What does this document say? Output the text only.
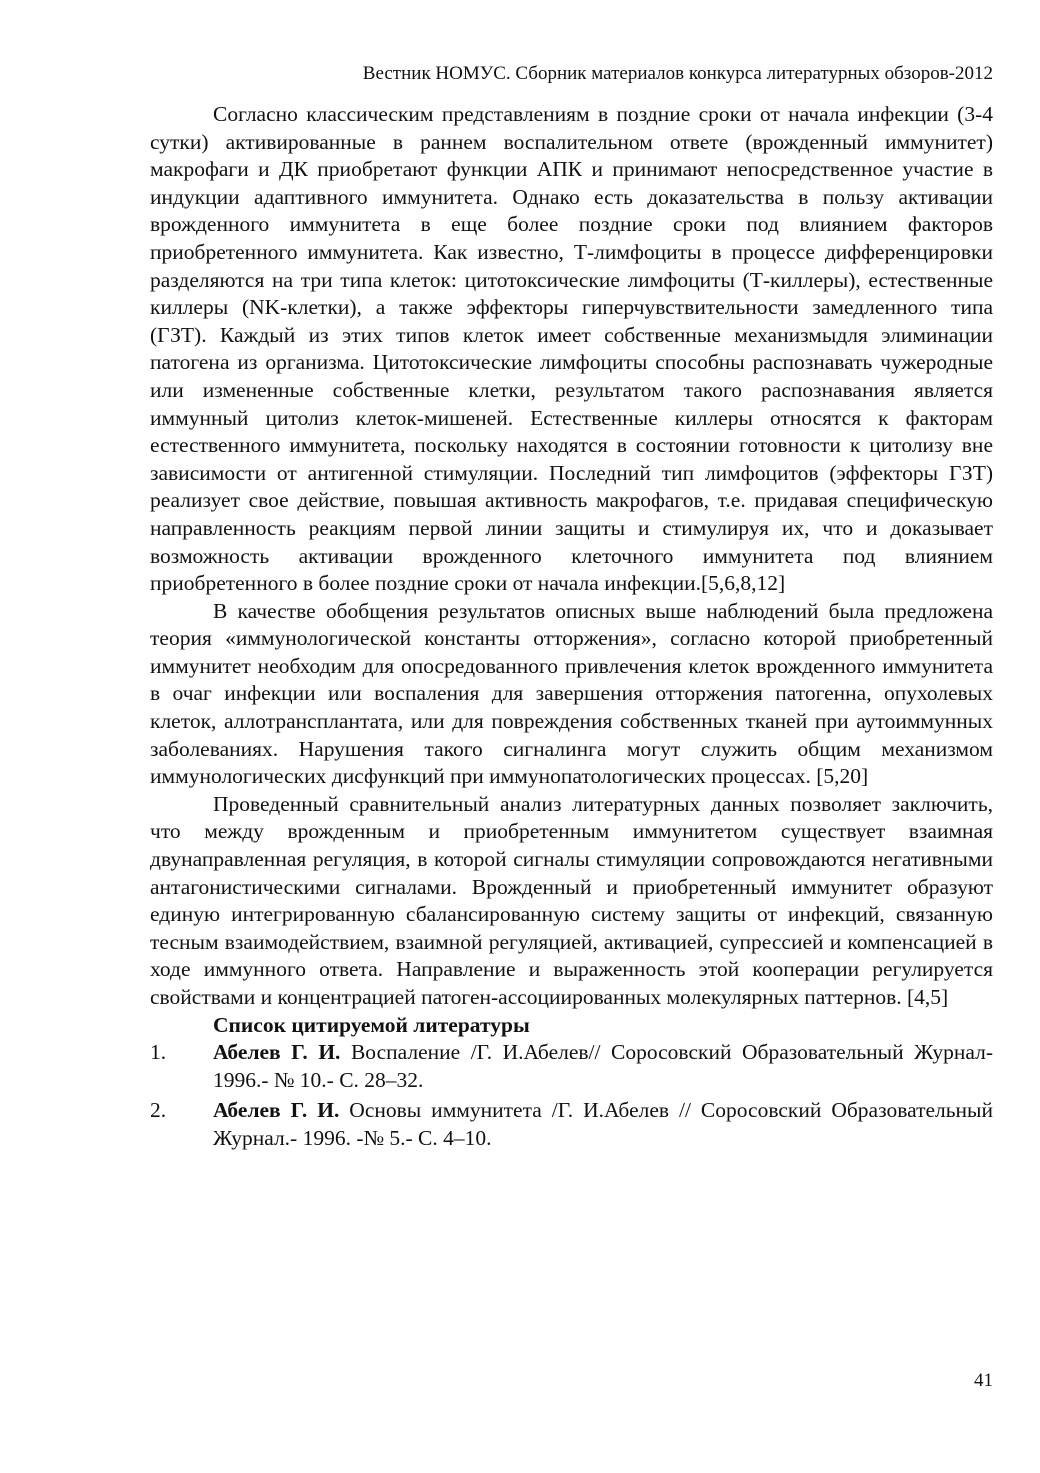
Вестник НОМУС. Сборник материалов конкурса литературных обзоров-2012

Согласно классическим представлениям в поздние сроки от начала инфекции (3-4 сутки) активированные в раннем воспалительном ответе (врожденный иммунитет) макрофаги и ДК приобретают функции АПК и принимают непосредственное участие в индукции адаптивного иммунитета. Однако есть доказательства в пользу активации врожденного иммунитета в еще более поздние сроки под влиянием факторов приобретенного иммунитета. Как известно, Т-лимфоциты в процессе дифференцировки разделяются на три типа клеток: цитотоксические лимфоциты (Т-киллеры), естественные киллеры (NK-клетки), а также эффекторы гиперчувствительности замедленного типа (ГЗТ). Каждый из этих типов клеток имеет собственные механизмыдля элиминации патогена из организма. Цитотоксические лимфоциты способны распознавать чужеродные или измененные собственные клетки, результатом такого распознавания является иммунный цитолиз клеток-мишеней. Естественные киллеры относятся к факторам естественного иммунитета, поскольку находятся в состоянии готовности к цитолизу вне зависимости от антигенной стимуляции. Последний тип лимфоцитов (эффекторы ГЗТ) реализует свое действие, повышая активность макрофагов, т.е. придавая специфическую направленность реакциям первой линии защиты и стимулируя их, что и доказывает возможность активации врожденного клеточного иммунитета под влиянием приобретенного в более поздние сроки от начала инфекции.[5,6,8,12]

В качестве обобщения результатов описных выше наблюдений была предложена теория «иммунологической константы отторжения», согласно которой приобретенный иммунитет необходим для опосредованного привлечения клеток врожденного иммунитета в очаг инфекции или воспаления для завершения отторжения патогенна, опухолевых клеток, аллотрансплантата, или для повреждения собственных тканей при аутоиммунных заболеваниях. Нарушения такого сигналинга могут служить общим механизмом иммунологических дисфункций при иммунопатологических процессах. [5,20]

Проведенный сравнительный анализ литературных данных позволяет заключить, что между врожденным и приобретенным иммунитетом существует взаимная двунаправленная регуляция, в которой сигналы стимуляции сопровождаются негативными антагонистическими сигналами. Врожденный и приобретенный иммунитет образуют единую интегрированную сбалансированную систему защиты от инфекций, связанную тесным взаимодействием, взаимной регуляцией, активацией, супрессией и компенсацией в ходе иммунного ответа. Направление и выраженность этой кооперации регулируется свойствами и концентрацией патоген-ассоциированных молекулярных паттернов. [4,5]

Список цитируемой литературы
1.	Абелев Г. И. Воспаление /Г. И.Абелев// Соросовский Образовательный Журнал- 1996.- № 10.- С. 28–32.
2.	Абелев Г. И. Основы иммунитета /Г. И.Абелев // Соросовский Образовательный Журнал.- 1996. -№ 5.- С. 4–10.
41
